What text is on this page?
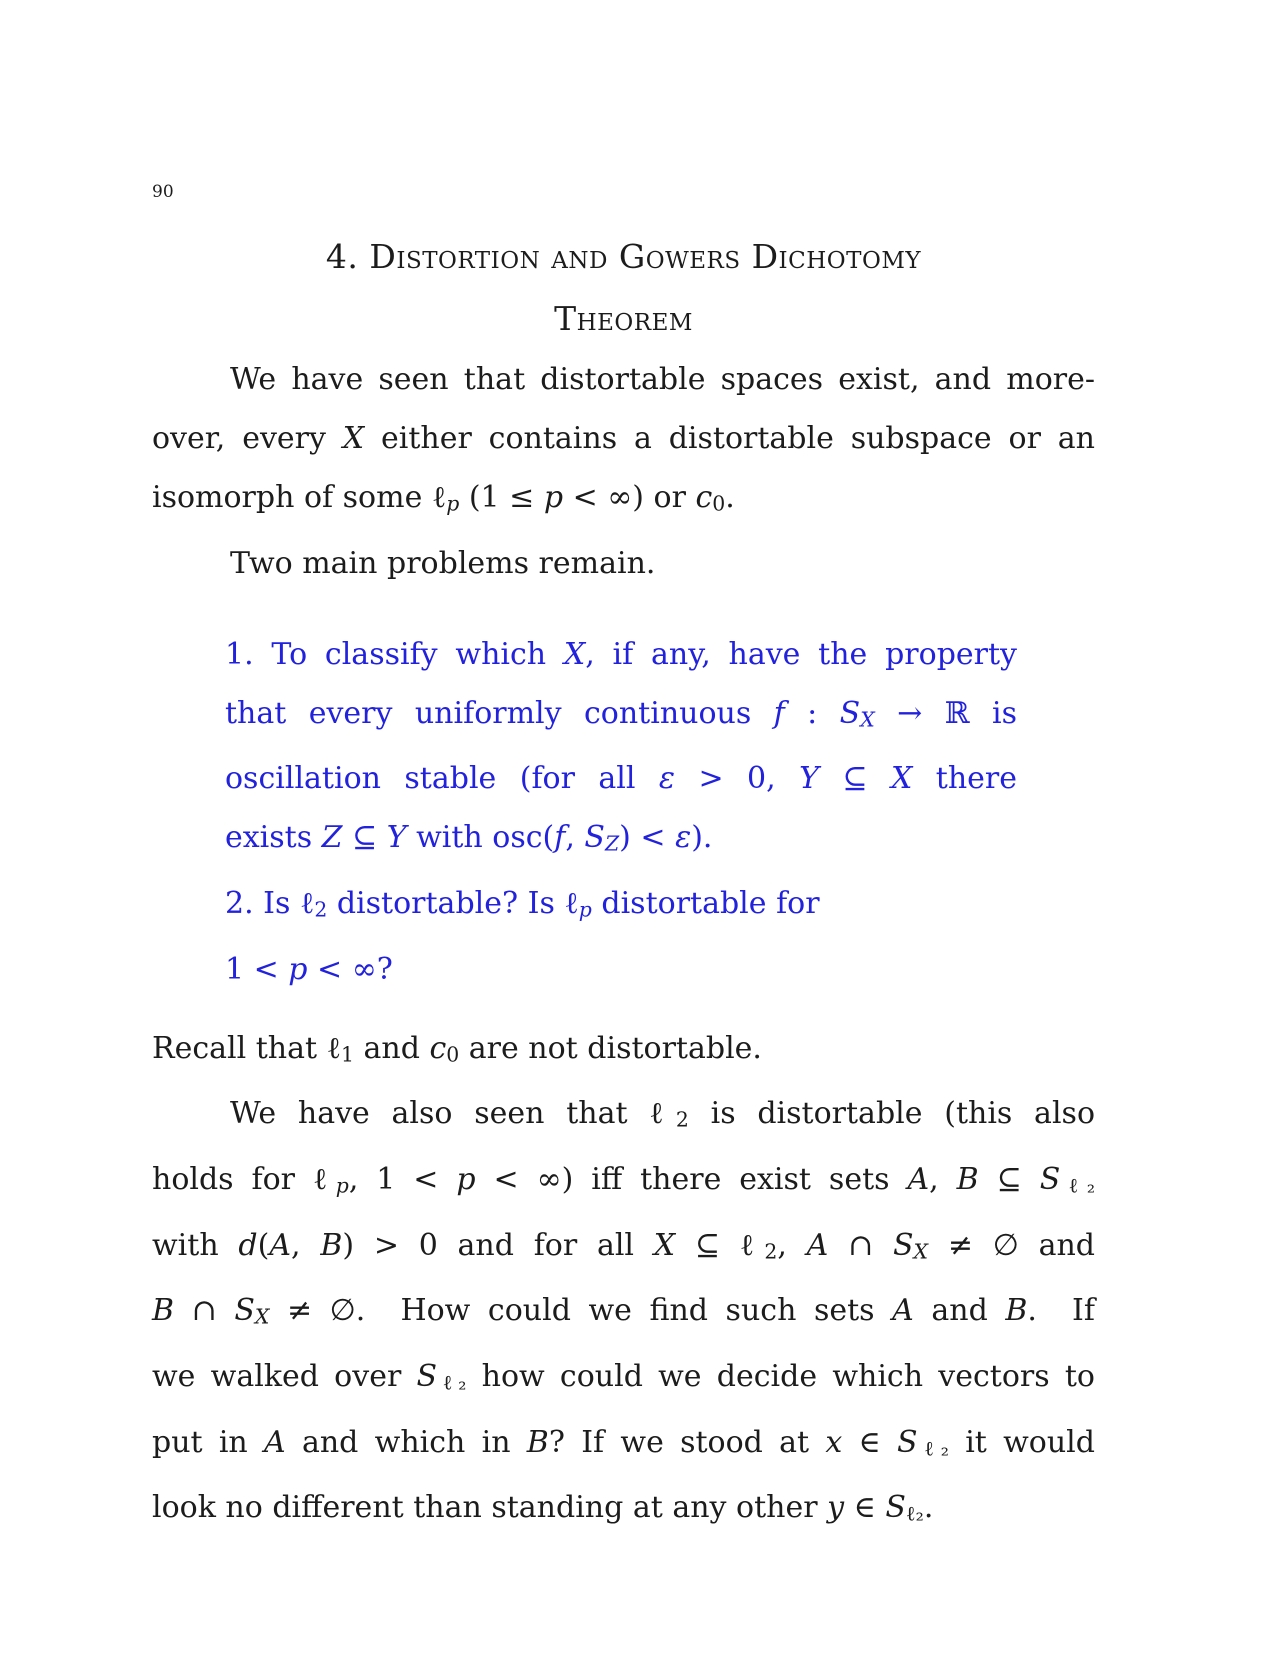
90
4. Distortion and Gowers Dichotomy
Theorem
We have seen that distortable spaces exist, and more-
over, every X either contains a distortable subspace or an
isomorph of some ℓp (1 ≤ p < ∞) or c0.
Two main problems remain.
1. To classify which X, if any, have the property
that every uniformly continuous f : SX → ℝ is
oscillation stable (for all ε > 0, Y ⊆ X there
exists Z ⊆ Y with osc(f, SZ) < ε).
2. Is ℓ2 distortable? Is ℓp distortable for
1 < p < ∞?
Recall that ℓ1 and c0 are not distortable.
We have also seen that ℓ2 is distortable (this also
holds for ℓp, 1 < p < ∞) iff there exist sets A, B ⊆ Sℓ₂
with d(A, B) > 0 and for all X ⊆ ℓ2, A ∩ SX ≠ ∅ and
B ∩ SX ≠ ∅.  How could we find such sets A and B.  If
we walked over Sℓ₂ how could we decide which vectors to
put in A and which in B? If we stood at x ∈ Sℓ₂ it would
look no different than standing at any other y ∈ Sℓ₂.
